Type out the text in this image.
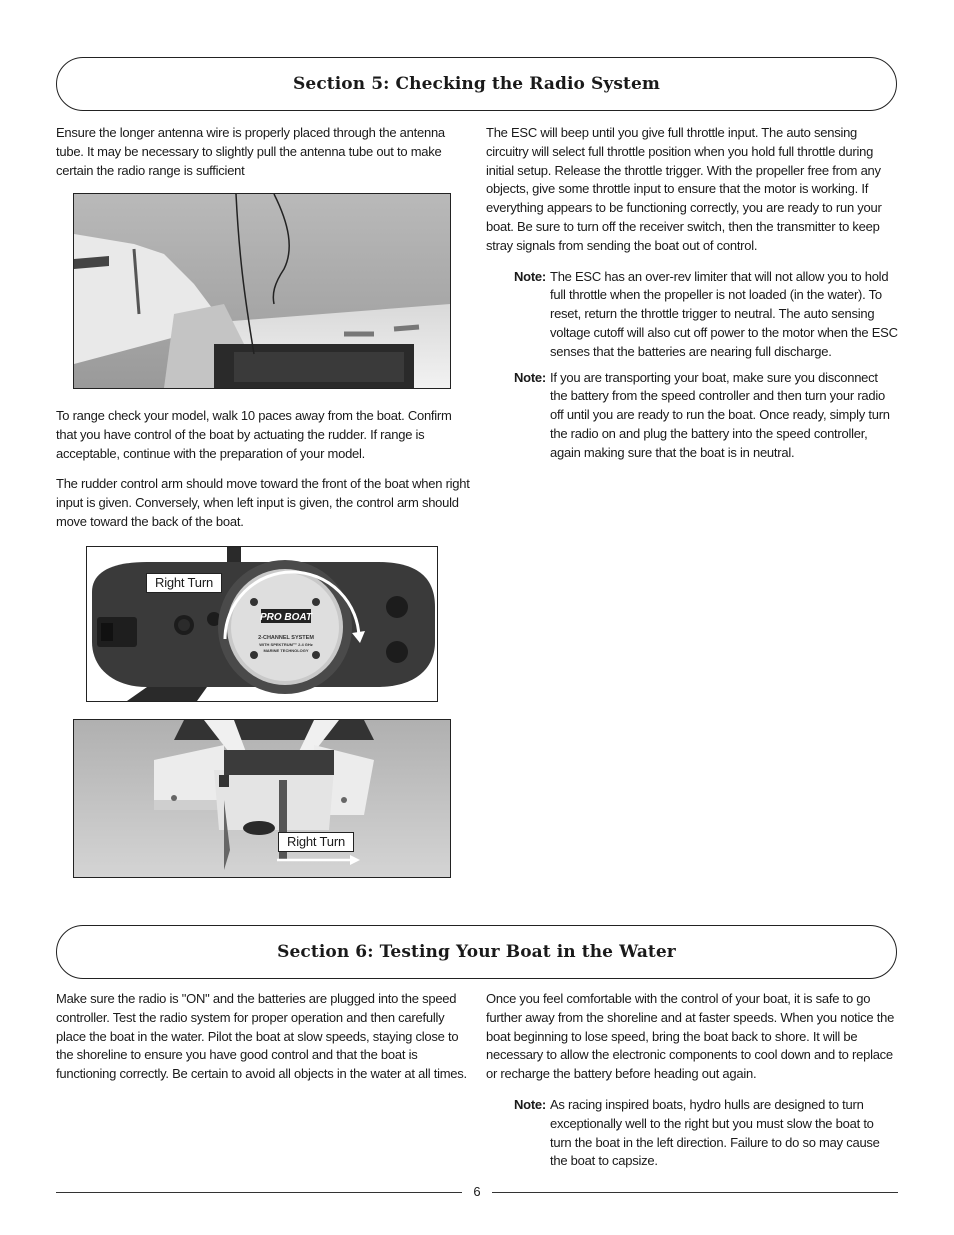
Section 5: Checking the Radio System

Ensure the longer antenna wire is properly placed through the antenna tube. It may be necessary to slightly pull the antenna tube out to make certain the radio range is sufficient

To range check your model, walk 10 paces away from the boat. Confirm that you have control of the boat by actuating the rudder. If range is acceptable, continue with the preparation of your model.

The rudder control arm should move toward the front of the boat when right input is given. Conversely, when left input is given, the control arm should move toward the back of the boat.

PRO BOAT
2-CHANNEL SYSTEM
WITH SPEKTRUM™ 2.4 GHz
MARINE TECHNOLOGY
Right Turn
Right Turn

The ESC will beep until you give full throttle input. The auto sensing circuitry will select full throttle position when you hold full throttle during initial setup. Release the throttle trigger. With the propeller free from any objects, give some throttle input to ensure that the motor is working. If everything appears to be functioning correctly, you are ready to run your boat. Be sure to turn off the receiver switch, then the transmitter to keep stray signals from sending the boat out of control.

Note: The ESC has an over-rev limiter that will not allow you to hold full throttle when the propeller is not loaded (in the water). To reset, return the throttle trigger to neutral. The auto sensing voltage cutoff will also cut off power to the motor when the ESC senses that the batteries are nearing full discharge.
Note: If you are transporting your boat, make sure you disconnect the battery from the speed controller and then turn your radio off until you are ready to run the boat. Once ready, simply turn the radio on and plug the battery into the speed controller, again making sure that the boat is in neutral.
Section 6: Testing Your Boat in the Water

Make sure the radio is "ON" and the batteries are plugged into the speed controller. Test the radio system for proper operation and then carefully place the boat in the water. Pilot the boat at slow speeds, staying close to the shoreline to ensure you have good control and that the boat is functioning correctly. Be certain to avoid all objects in the water at all times.

Once you feel comfortable with the control of your boat, it is safe to go further away from the shoreline and at faster speeds. When you notice the boat beginning to lose speed, bring the boat back to shore. It will be necessary to allow the electronic components to cool down and to replace or recharge the battery before heading out again.

Note: As racing inspired boats, hydro hulls are designed to turn exceptionally well to the right but you must slow the boat to turn the boat in the left direction. Failure to do so may cause the boat to capsize.
6
